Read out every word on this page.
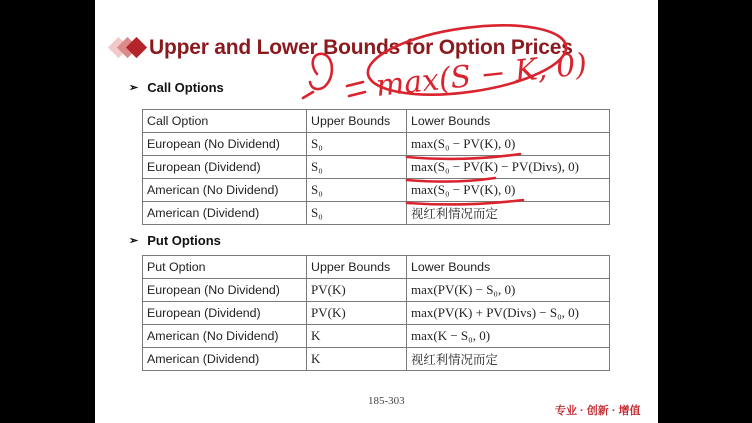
Upper and Lower Bounds for Option Prices
➢ Call Options
Call Option	Upper Bounds	Lower Bounds
European (No Dividend)	S₀	max(S₀ − PV(K), 0)
European (Dividend)	S₀	max(S₀ − PV(K) − PV(Divs), 0)
American (No Dividend)	S₀	max(S₀ − PV(K), 0)
American (Dividend)	S₀	视红利情况而定
➢ Put Options
Put Option	Upper Bounds	Lower Bounds
European (No Dividend)	PV(K)	max(PV(K) − S₀, 0)
European (Dividend)	PV(K)	max(PV(K) + PV(Divs) − S₀, 0)
American (No Dividend)	K	max(K − S₀, 0)
American (Dividend)	K	视红利情况而定
185-303
专业 · 创新 · 增值
max(S − K, 0)
